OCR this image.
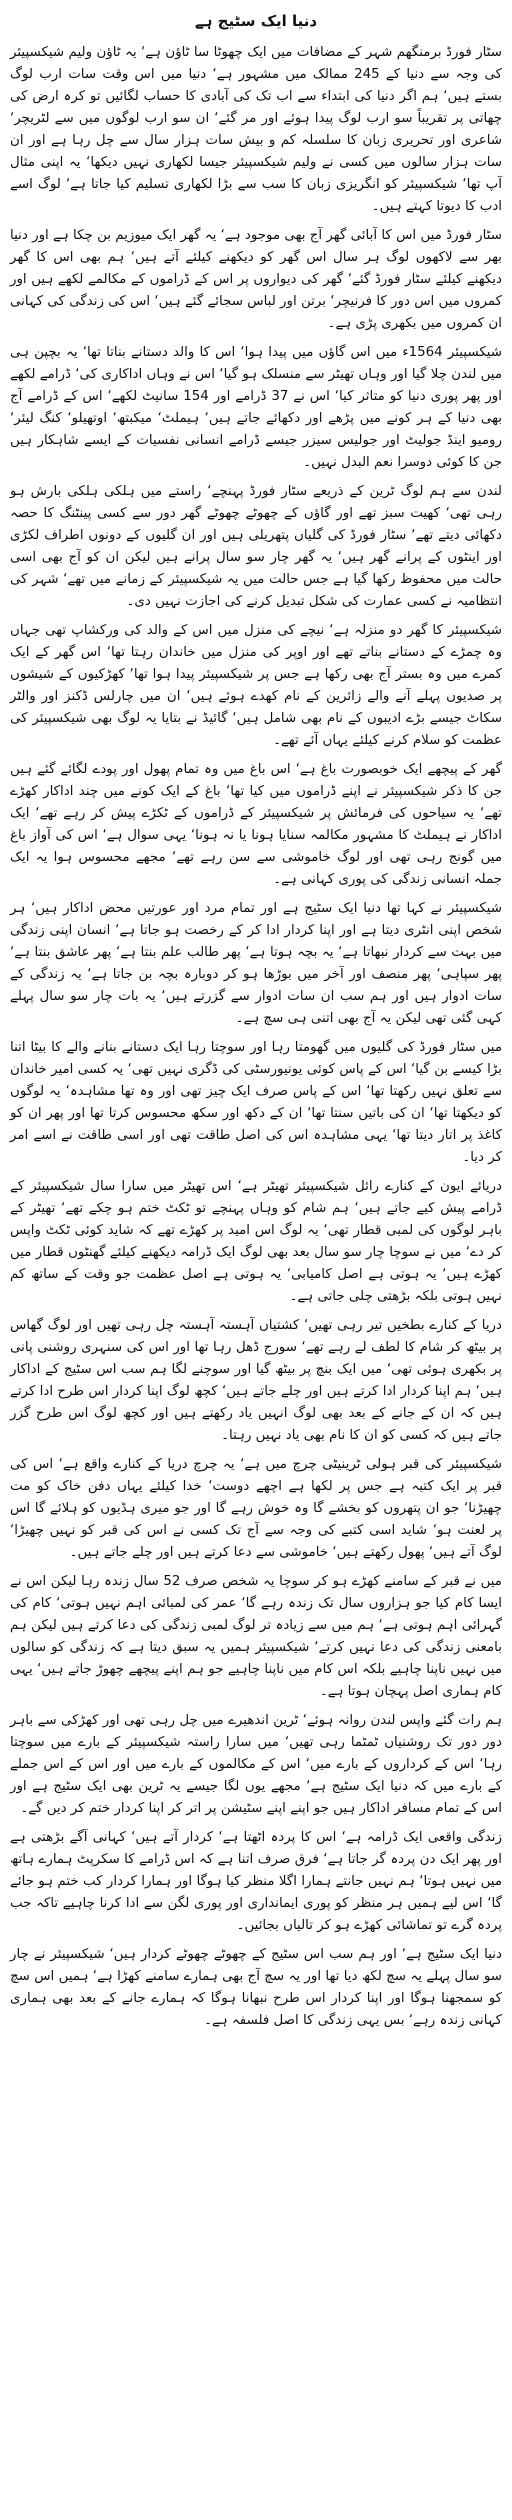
دنیا ایک سٹیج ہے

سٹار فورڈ برمنگھم شہر کے مضافات میں ایک چھوٹا سا ٹاؤن ہے‘ یہ ٹاؤن ولیم شیکسپیئر کی وجہ سے دنیا کے 245 ممالک میں مشہور ہے‘ دنیا میں اس وقت سات ارب لوگ بستے ہیں‘ ہم اگر دنیا کی ابتداء سے اب تک کی آبادی کا حساب لگائیں تو کرہ ارض کی چھاتی پر تقریباً سو ارب لوگ پیدا ہوئے اور مر گئے‘ ان سو ارب لوگوں میں سے لٹریچر‘ شاعری اور تحریری زبان کا سلسلہ کم و بیش سات ہزار سال سے چل رہا ہے اور ان سات ہزار سالوں میں کسی نے ولیم شیکسپیئر جیسا لکھاری نہیں دیکھا‘ یہ اپنی مثال آپ تھا‘ شیکسپیئر کو انگریزی زبان کا سب سے بڑا لکھاری تسلیم کیا جاتا ہے‘ لوگ اسے ادب کا دیوتا کہتے ہیں۔

سٹار فورڈ میں اس کا آبائی گھر آج بھی موجود ہے‘ یہ گھر ایک میوزیم بن چکا ہے اور دنیا بھر سے لاکھوں لوگ ہر سال اس گھر کو دیکھنے کیلئے آتے ہیں‘ ہم بھی اس کا گھر دیکھنے کیلئے سٹار فورڈ گئے‘ گھر کی دیواروں پر اس کے ڈراموں کے مکالمے لکھے ہیں اور کمروں میں اس دور کا فرنیچر‘ برتن اور لباس سجائے گئے ہیں‘ اس کی زندگی کی کہانی ان کمروں میں بکھری پڑی ہے۔

شیکسپیئر 1564ء میں اس گاؤں میں پیدا ہوا‘ اس کا والد دستانے بناتا تھا‘ یہ بچپن ہی میں لندن چلا گیا اور وہاں تھیٹر سے منسلک ہو گیا‘ اس نے وہاں اداکاری کی‘ ڈرامے لکھے اور پھر پوری دنیا کو متاثر کیا‘ اس نے 37 ڈرامے اور 154 سانیٹ لکھے‘ اس کے ڈرامے آج بھی دنیا کے ہر کونے میں پڑھے اور دکھائے جاتے ہیں‘ ہیملٹ‘ میکبتھ‘ اوتھیلو‘ کنگ لیئر‘ رومیو اینڈ جولیٹ اور جولیس سیزر جیسے ڈرامے انسانی نفسیات کے ایسے شاہکار ہیں جن کا کوئی دوسرا نعم البدل نہیں۔

لندن سے ہم لوگ ٹرین کے ذریعے سٹار فورڈ پہنچے‘ راستے میں ہلکی ہلکی بارش ہو رہی تھی‘ کھیت سبز تھے اور گاؤں کے چھوٹے چھوٹے گھر دور سے کسی پینٹنگ کا حصہ دکھائی دیتے تھے‘ سٹار فورڈ کی گلیاں پتھریلی ہیں اور ان گلیوں کے دونوں اطراف لکڑی اور اینٹوں کے پرانے گھر ہیں‘ یہ گھر چار سو سال پرانے ہیں لیکن ان کو آج بھی اسی حالت میں محفوظ رکھا گیا ہے جس حالت میں یہ شیکسپیئر کے زمانے میں تھے‘ شہر کی انتظامیہ نے کسی عمارت کی شکل تبدیل کرنے کی اجازت نہیں دی۔

شیکسپیئر کا گھر دو منزلہ ہے‘ نیچے کی منزل میں اس کے والد کی ورکشاپ تھی جہاں وہ چمڑے کے دستانے بناتے تھے اور اوپر کی منزل میں خاندان رہتا تھا‘ اس گھر کے ایک کمرے میں وہ بستر آج بھی رکھا ہے جس پر شیکسپیئر پیدا ہوا تھا‘ کھڑکیوں کے شیشوں پر صدیوں پہلے آنے والے زائرین کے نام کھدے ہوئے ہیں‘ ان میں چارلس ڈکنز اور والٹر سکاٹ جیسے بڑے ادیبوں کے نام بھی شامل ہیں‘ گائیڈ نے بتایا یہ لوگ بھی شیکسپیئر کی عظمت کو سلام کرنے کیلئے یہاں آئے تھے۔

گھر کے پیچھے ایک خوبصورت باغ ہے‘ اس باغ میں وہ تمام پھول اور پودے لگائے گئے ہیں جن کا ذکر شیکسپیئر نے اپنے ڈراموں میں کیا تھا‘ باغ کے ایک کونے میں چند اداکار کھڑے تھے‘ یہ سیاحوں کی فرمائش پر شیکسپیئر کے ڈراموں کے ٹکڑے پیش کر رہے تھے‘ ایک اداکار نے ہیملٹ کا مشہور مکالمہ سنایا ہونا یا نہ ہونا‘ یہی سوال ہے‘ اس کی آواز باغ میں گونج رہی تھی اور لوگ خاموشی سے سن رہے تھے‘ مجھے محسوس ہوا یہ ایک جملہ انسانی زندگی کی پوری کہانی ہے۔

شیکسپیئر نے کہا تھا دنیا ایک سٹیج ہے اور تمام مرد اور عورتیں محض اداکار ہیں‘ ہر شخص اپنی انٹری دیتا ہے اور اپنا کردار ادا کر کے رخصت ہو جاتا ہے‘ انسان اپنی زندگی میں بہت سے کردار نبھاتا ہے‘ یہ بچہ ہوتا ہے‘ پھر طالب علم بنتا ہے‘ پھر عاشق بنتا ہے‘ پھر سپاہی‘ پھر منصف اور آخر میں بوڑھا ہو کر دوبارہ بچہ بن جاتا ہے‘ یہ زندگی کے سات ادوار ہیں اور ہم سب ان سات ادوار سے گزرتے ہیں‘ یہ بات چار سو سال پہلے کہی گئی تھی لیکن یہ آج بھی اتنی ہی سچ ہے۔

میں سٹار فورڈ کی گلیوں میں گھومتا رہا اور سوچتا رہا ایک دستانے بنانے والے کا بیٹا اتنا بڑا کیسے بن گیا‘ اس کے پاس کوئی یونیورسٹی کی ڈگری نہیں تھی‘ یہ کسی امیر خاندان سے تعلق نہیں رکھتا تھا‘ اس کے پاس صرف ایک چیز تھی اور وہ تھا مشاہدہ‘ یہ لوگوں کو دیکھتا تھا‘ ان کی باتیں سنتا تھا‘ ان کے دکھ اور سکھ محسوس کرتا تھا اور پھر ان کو کاغذ پر اتار دیتا تھا‘ یہی مشاہدہ اس کی اصل طاقت تھی اور اسی طاقت نے اسے امر کر دیا۔

دریائے ایون کے کنارے رائل شیکسپیئر تھیٹر ہے‘ اس تھیٹر میں سارا سال شیکسپیئر کے ڈرامے پیش کیے جاتے ہیں‘ ہم شام کو وہاں پہنچے تو ٹکٹ ختم ہو چکے تھے‘ تھیٹر کے باہر لوگوں کی لمبی قطار تھی‘ یہ لوگ اس امید پر کھڑے تھے کہ شاید کوئی ٹکٹ واپس کر دے‘ میں نے سوچا چار سو سال بعد بھی لوگ ایک ڈرامہ دیکھنے کیلئے گھنٹوں قطار میں کھڑے ہیں‘ یہ ہوتی ہے اصل کامیابی‘ یہ ہوتی ہے اصل عظمت جو وقت کے ساتھ کم نہیں ہوتی بلکہ بڑھتی چلی جاتی ہے۔

دریا کے کنارے بطخیں تیر رہی تھیں‘ کشتیاں آہستہ آہستہ چل رہی تھیں اور لوگ گھاس پر بیٹھ کر شام کا لطف لے رہے تھے‘ سورج ڈھل رہا تھا اور اس کی سنہری روشنی پانی پر بکھری ہوئی تھی‘ میں ایک بنچ پر بیٹھ گیا اور سوچنے لگا ہم سب اس سٹیج کے اداکار ہیں‘ ہم اپنا کردار ادا کرتے ہیں اور چلے جاتے ہیں‘ کچھ لوگ اپنا کردار اس طرح ادا کرتے ہیں کہ ان کے جانے کے بعد بھی لوگ انہیں یاد رکھتے ہیں اور کچھ لوگ اس طرح گزر جاتے ہیں کہ کسی کو ان کا نام بھی یاد نہیں رہتا۔

شیکسپیئر کی قبر ہولی ٹرینیٹی چرچ میں ہے‘ یہ چرچ دریا کے کنارے واقع ہے‘ اس کی قبر پر ایک کتبہ ہے جس پر لکھا ہے اچھے دوست‘ خدا کیلئے یہاں دفن خاک کو مت چھیڑنا‘ جو ان پتھروں کو بخشے گا وہ خوش رہے گا اور جو میری ہڈیوں کو ہلائے گا اس پر لعنت ہو‘ شاید اسی کتبے کی وجہ سے آج تک کسی نے اس کی قبر کو نہیں چھیڑا‘ لوگ آتے ہیں‘ پھول رکھتے ہیں‘ خاموشی سے دعا کرتے ہیں اور چلے جاتے ہیں۔

میں نے قبر کے سامنے کھڑے ہو کر سوچا یہ شخص صرف 52 سال زندہ رہا لیکن اس نے ایسا کام کیا جو ہزاروں سال تک زندہ رہے گا‘ عمر کی لمبائی اہم نہیں ہوتی‘ کام کی گہرائی اہم ہوتی ہے‘ ہم میں سے زیادہ تر لوگ لمبی زندگی کی دعا کرتے ہیں لیکن ہم بامعنی زندگی کی دعا نہیں کرتے‘ شیکسپیئر ہمیں یہ سبق دیتا ہے کہ زندگی کو سالوں میں نہیں ناپنا چاہیے بلکہ اس کام میں ناپنا چاہیے جو ہم اپنے پیچھے چھوڑ جاتے ہیں‘ یہی کام ہماری اصل پہچان ہوتا ہے۔

ہم رات گئے واپس لندن روانہ ہوئے‘ ٹرین اندھیرے میں چل رہی تھی اور کھڑکی سے باہر دور دور تک روشنیاں ٹمٹما رہی تھیں‘ میں سارا راستہ شیکسپیئر کے بارے میں سوچتا رہا‘ اس کے کرداروں کے بارے میں‘ اس کے مکالموں کے بارے میں اور اس کے اس جملے کے بارے میں کہ دنیا ایک سٹیج ہے‘ مجھے یوں لگا جیسے یہ ٹرین بھی ایک سٹیج ہے اور اس کے تمام مسافر اداکار ہیں جو اپنے اپنے سٹیشن پر اتر کر اپنا کردار ختم کر دیں گے۔

زندگی واقعی ایک ڈرامہ ہے‘ اس کا پردہ اٹھتا ہے‘ کردار آتے ہیں‘ کہانی آگے بڑھتی ہے اور پھر ایک دن پردہ گر جاتا ہے‘ فرق صرف اتنا ہے کہ اس ڈرامے کا سکرپٹ ہمارے ہاتھ میں نہیں ہوتا‘ ہم نہیں جانتے ہمارا اگلا منظر کیا ہوگا اور ہمارا کردار کب ختم ہو جائے گا‘ اس لیے ہمیں ہر منظر کو پوری ایمانداری اور پوری لگن سے ادا کرنا چاہیے تاکہ جب پردہ گرے تو تماشائی کھڑے ہو کر تالیاں بجائیں۔

دنیا ایک سٹیج ہے‘ اور ہم سب اس سٹیج کے چھوٹے چھوٹے کردار ہیں‘ شیکسپیئر نے چار سو سال پہلے یہ سچ لکھ دیا تھا اور یہ سچ آج بھی ہمارے سامنے کھڑا ہے‘ ہمیں اس سچ کو سمجھنا ہوگا اور اپنا کردار اس طرح نبھانا ہوگا کہ ہمارے جانے کے بعد بھی ہماری کہانی زندہ رہے‘ بس یہی زندگی کا اصل فلسفہ ہے۔
